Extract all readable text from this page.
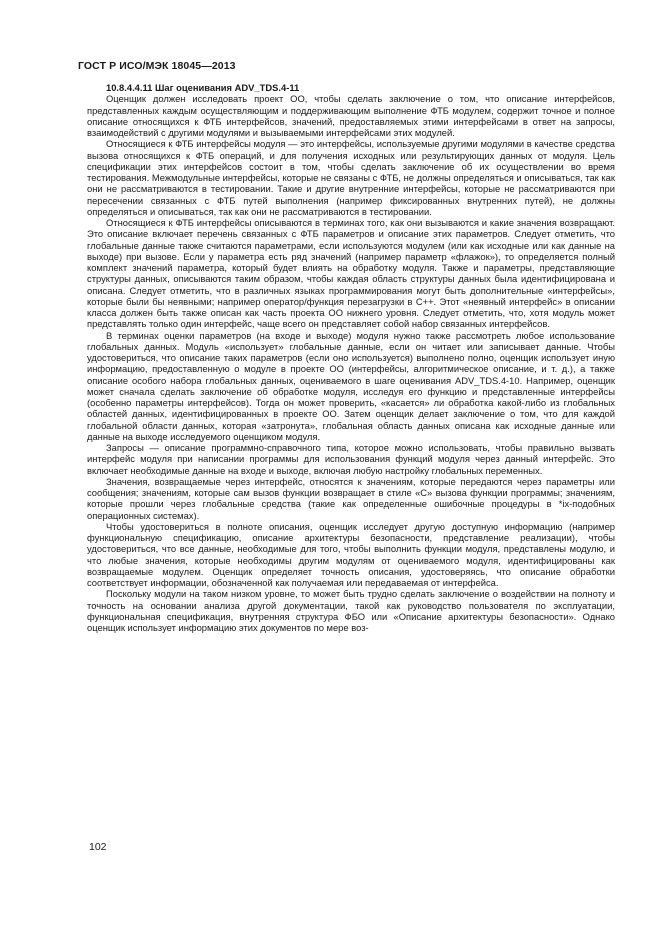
ГОСТ Р ИСО/МЭК 18045—2013

10.8.4.4.11 Шаг оценивания ADV_TDS.4-11

Оценщик должен исследовать проект ОО, чтобы сделать заключение о том, что описание интерфейсов, представленных каждым осуществляющим и поддерживающим выполнение ФТБ модулем, содержит точное и полное описание относящихся к ФТБ интерфейсов, значений, предоставляемых этими интерфейсами в ответ на запросы, взаимодействий с другими модулями и вызываемыми интерфейсами этих модулей.

Относящиеся к ФТБ интерфейсы модуля — это интерфейсы, используемые другими модулями в качестве средства вызова относящихся к ФТБ операций, и для получения исходных или результирующих данных от модуля. Цель спецификации этих интерфейсов состоит в том, чтобы сделать заключение об их осуществлении во время тестирования. Межмодульные интерфейсы, которые не связаны с ФТБ, не должны определяться и описываться, так как они не рассматриваются в тестировании. Такие и другие внутренние интерфейсы, которые не рассматриваются при пересечении связанных с ФТБ путей выполнения (например фиксированных внутренних путей), не должны определяться и описываться, так как они не рассматриваются в тестировании.

Относящиеся к ФТБ интерфейсы описываются в терминах того, как они вызываются и какие значения возвращают. Это описание включает перечень связанных с ФТБ параметров и описание этих параметров. Следует отметить, что глобальные данные также считаются параметрами, если используются модулем (или как исходные или как данные на выходе) при вызове. Если у параметра есть ряд значений (например параметр «флажок»), то определяется полный комплект значений параметра, который будет влиять на обработку модуля. Также и параметры, представляющие структуры данных, описываются таким образом, чтобы каждая область структуры данных была идентифицирована и описана. Следует отметить, что в различных языках программирования могут быть дополнительные «интерфейсы», которые были бы неявными; например оператор/функция перезагрузки в С++. Этот «неявный интерфейс» в описании класса должен быть также описан как часть проекта ОО нижнего уровня. Следует отметить, что, хотя модуль может представлять только один интерфейс, чаще всего он представляет собой набор связанных интерфейсов.

В терминах оценки параметров (на входе и выходе) модуля нужно также рассмотреть любое использование глобальных данных. Модуль «использует» глобальные данные, если он читает или записывает данные. Чтобы удостовериться, что описание таких параметров (если оно используется) выполнено полно, оценщик использует иную информацию, предоставленную о модуле в проекте ОО (интерфейсы, алгоритмическое описание, и т. д.), а также описание особого набора глобальных данных, оцениваемого в шаге оценивания ADV_TDS.4-10. Например, оценщик может сначала сделать заключение об обработке модуля, исследуя его функцию и представленные интерфейсы (особенно параметры интерфейсов). Тогда он может проверить, «касается» ли обработка какой-либо из глобальных областей данных, идентифицированных в проекте ОО. Затем оценщик делает заключение о том, что для каждой глобальной области данных, которая «затронута», глобальная область данных описана как исходные данные или данные на выходе исследуемого оценщиком модуля.

Запросы — описание программно-справочного типа, которое можно использовать, чтобы правильно вызвать интерфейс модуля при написании программы для использования функций модуля через данный интерфейс. Это включает необходимые данные на входе и выходе, включая любую настройку глобальных переменных.

Значения, возвращаемые через интерфейс, относятся к значениям, которые передаются через параметры или сообщения; значениям, которые сам вызов функции возвращает в стиле «С» вызова функции программы; значениям, которые прошли через глобальные средства (такие как определенные ошибочные процедуры в *ix-подобных операционных системах).

Чтобы удостовериться в полноте описания, оценщик исследует другую доступную информацию (например функциональную спецификацию, описание архитектуры безопасности, представление реализации), чтобы удостовериться, что все данные, необходимые для того, чтобы выполнить функции модуля, представлены модулю, и что любые значения, которые необходимы другим модулям от оцениваемого модуля, идентифицированы как возвращаемые модулем. Оценщик определяет точность описания, удостоверяясь, что описание обработки соответствует информации, обозначенной как получаемая или передаваемая от интерфейса.

Поскольку модули на таком низком уровне, то может быть трудно сделать заключение о воздействии на полноту и точность на основании анализа другой документации, такой как руководство пользователя по эксплуатации, функциональная спецификация, внутренняя структура ФБО или «Описание архитектуры безопасности». Однако оценщик использует информацию этих документов по мере воз-

102
